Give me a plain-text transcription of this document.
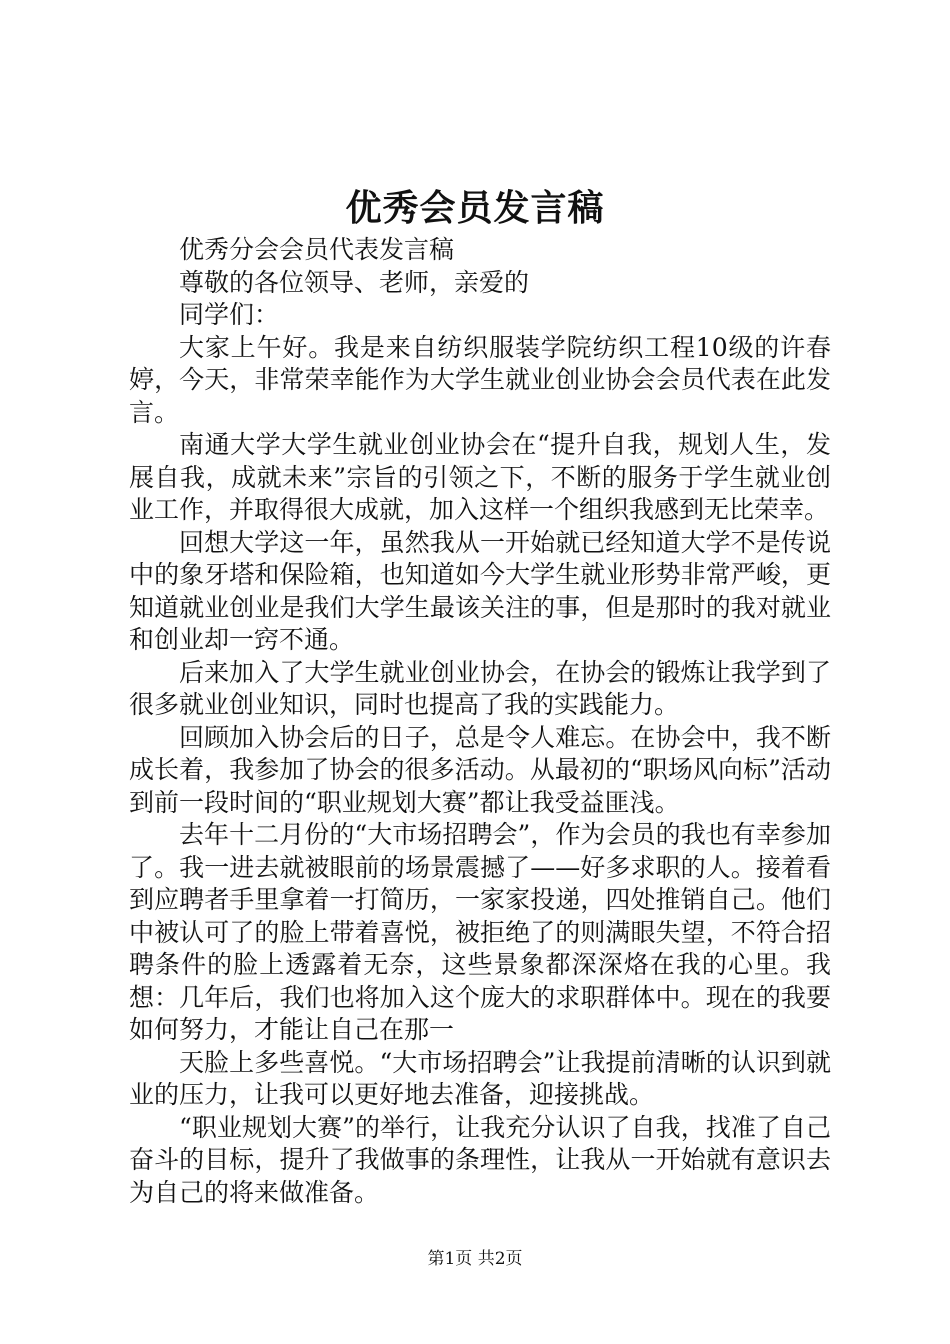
优秀会员发言稿

优秀分会会员代表发言稿

尊敬的各位领导、老师，亲爱的

同学们：

大家上午好。我是来自纺织服装学院纺织工程10级的许春婷，今天，非常荣幸能作为大学生就业创业协会会员代表在此发言。

南通大学大学生就业创业协会在“提升自我，规划人生，发展自我，成就未来”宗旨的引领之下，不断的服务于学生就业创业工作，并取得很大成就，加入这样一个组织我感到无比荣幸。

回想大学这一年，虽然我从一开始就已经知道大学不是传说中的象牙塔和保险箱，也知道如今大学生就业形势非常严峻，更知道就业创业是我们大学生最该关注的事，但是那时的我对就业和创业却一窍不通。

后来加入了大学生就业创业协会，在协会的锻炼让我学到了很多就业创业知识，同时也提高了我的实践能力。

回顾加入协会后的日子，总是令人难忘。在协会中，我不断成长着，我参加了协会的很多活动。从最初的“职场风向标”活动到前一段时间的“职业规划大赛”都让我受益匪浅。

去年十二月份的“大市场招聘会”，作为会员的我也有幸参加了。我一进去就被眼前的场景震撼了——好多求职的人。接着看到应聘者手里拿着一打简历，一家家投递，四处推销自己。他们中被认可了的脸上带着喜悦，被拒绝了的则满眼失望，不符合招聘条件的脸上透露着无奈，这些景象都深深烙在我的心里。我想：几年后，我们也将加入这个庞大的求职群体中。现在的我要如何努力，才能让自己在那一

天脸上多些喜悦。“大市场招聘会”让我提前清晰的认识到就业的压力，让我可以更好地去准备，迎接挑战。

“职业规划大赛”的举行，让我充分认识了自我，找准了自己奋斗的目标，提升了我做事的条理性，让我从一开始就有意识去为自己的将来做准备。

第1页 共2页
